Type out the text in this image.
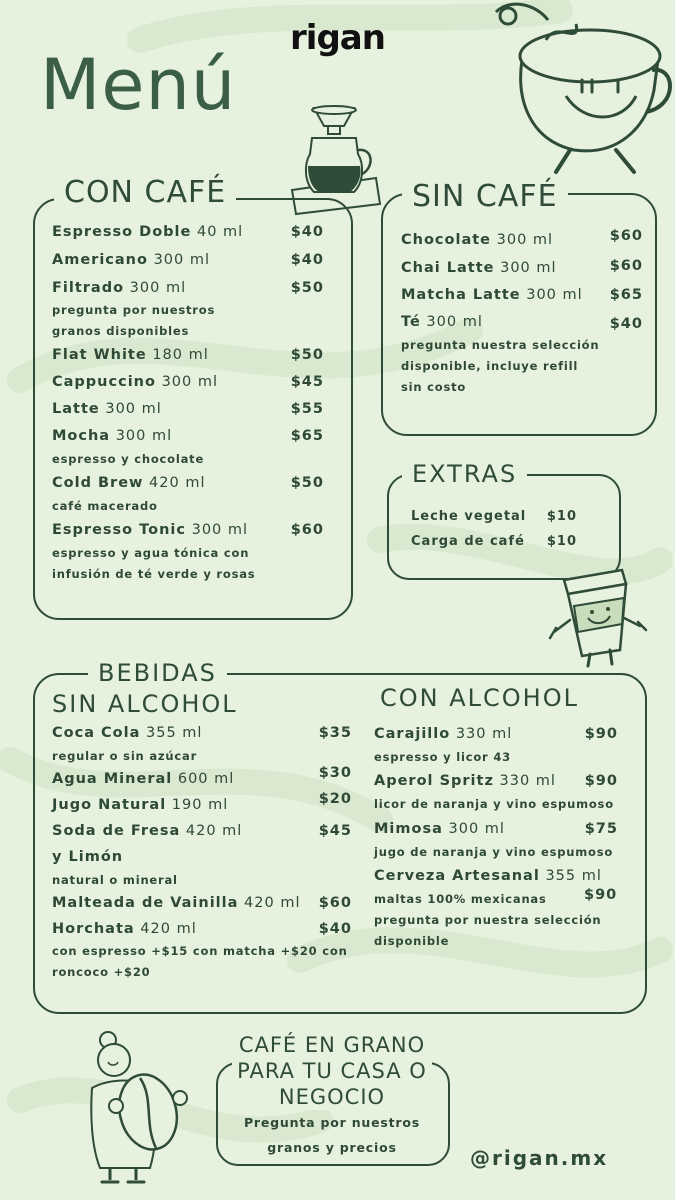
rigan
Menú
CON CAFÉ
Espresso Doble 40 ml	$40
Americano 300 ml	$40
Filtrado 300 ml	$50
pregunta por nuestros
granos disponibles
Flat White 180 ml	$50
Cappuccino 300 ml	$45
Latte 300 ml	$55
Mocha 300 ml	$65
espresso y chocolate
Cold Brew 420 ml	$50
café macerado
Espresso Tonic 300 ml	$60
espresso y agua tónica con
infusión de té verde y rosas
SIN CAFÉ
Chocolate 300 ml	$60
Chai Latte 300 ml	$60
Matcha Latte 300 ml $65
Té 300 ml	$40
pregunta nuestra selección
disponible, incluye refill
sin costo
EXTRAS
Leche vegetal $10
Carga de café $10
BEBIDAS
SIN ALCOHOL
Coca Cola 355 ml	$35
regular o sin azúcar
Agua Mineral 600 ml	$30
Jugo Natural 190 ml	$20
Soda de Fresa 420 ml	$45
y Limón
natural o mineral
Malteada de Vainilla 420 ml $60
Horchata 420 ml	$40
con espresso +$15 con matcha +$20 con
roncoco +$20
CON ALCOHOL
Carajillo 330 ml	$90
espresso y licor 43
Aperol Spritz 330 ml $90
licor de naranja y vino espumoso
Mimosa 300 ml	$75
jugo de naranja y vino espumoso
Cerveza Artesanal 355 ml
$90
maltas 100% mexicanas
pregunta por nuestra selección
disponible
CAFÉ EN GRANO PARA TU CASA O NEGOCIO
Pregunta por nuestros granos y precios	@rigan.mx
